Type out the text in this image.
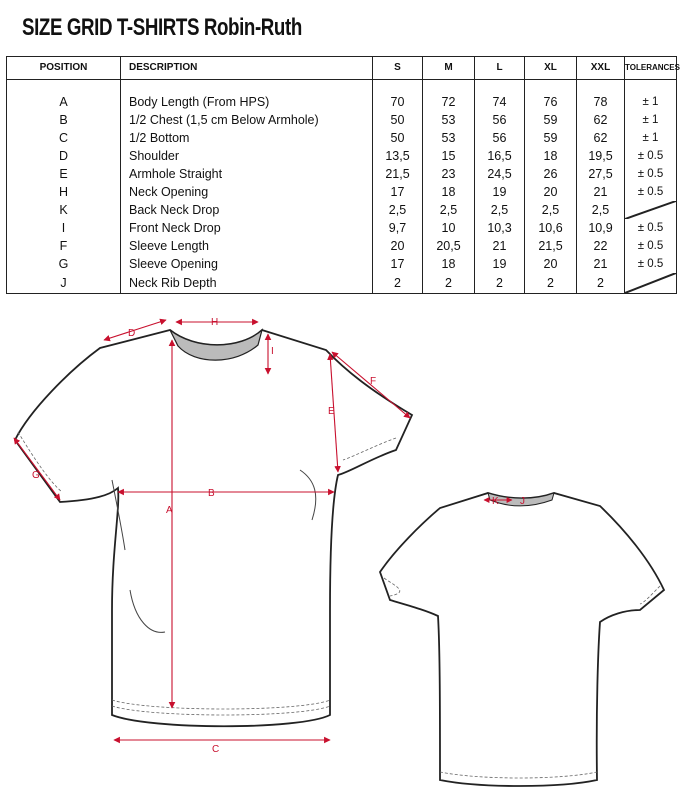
SIZE GRID T-SHIRTS Robin-Ruth
POSITION	DESCRIPTION	S	M	L	XL	XXL	TOLERANCES

A	Body Length (From HPS)	70	72	74	76	78	± 1
B	1/2 Chest (1,5 cm Below Armhole)	50	53	56	59	62	± 1
C	1/2 Bottom	50	53	56	59	62	± 1
D	Shoulder	13,5	15	16,5	18	19,5	± 0.5
E	Armhole Straight	21,5	23	24,5	26	27,5	± 0.5
H	Neck Opening	17	18	19	20	21	± 0.5
K	Back Neck Drop	2,5	2,5	2,5	2,5	2,5	

I	Front Neck Drop	9,7	10	10,3	10,6	10,9	± 0.5
F	Sleeve Length	20	20,5	21	21,5	22	± 0.5
G	Sleeve Opening	17	18	19	20	21	± 0.5
J	Neck Rib Depth	2	2	2	2	2	
A
B
C
D
H
I
E
F
G
K J
